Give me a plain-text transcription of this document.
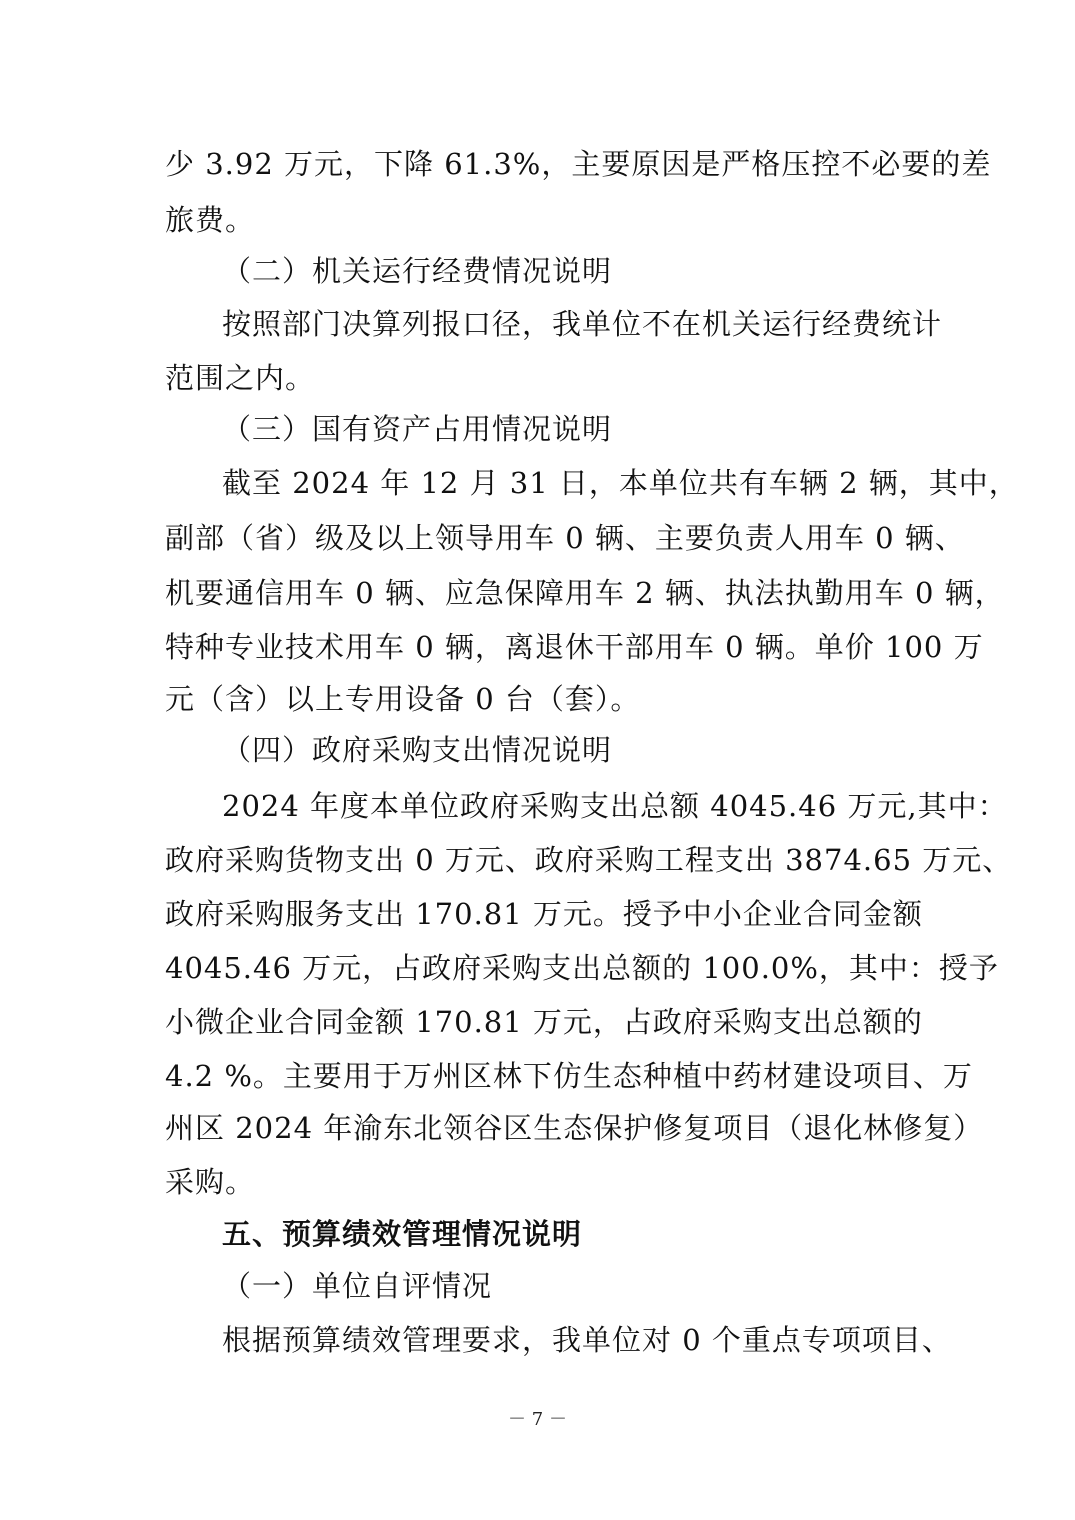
少 3.92 万元，下降 61.3%，主要原因是严格压控不必要的差
旅费。
（二）机关运行经费情况说明
按照部门决算列报口径，我单位不在机关运行经费统计
范围之内。
（三）国有资产占用情况说明
截至 2024 年 12 月 31 日，本单位共有车辆 2 辆，其中，
副部（省）级及以上领导用车 0 辆、主要负责人用车 0 辆、
机要通信用车 0 辆、应急保障用车 2 辆、执法执勤用车 0 辆，
特种专业技术用车 0 辆，离退休干部用车 0 辆。单价 100 万
元（含）以上专用设备 0 台（套）。
（四）政府采购支出情况说明
2024 年度本单位政府采购支出总额 4045.46 万元,其中：
政府采购货物支出 0 万元、政府采购工程支出 3874.65 万元、
政府采购服务支出 170.81 万元。授予中小企业合同金额
4045.46 万元，占政府采购支出总额的 100.0%，其中：授予
小微企业合同金额 170.81 万元，占政府采购支出总额的
4.2 %。主要用于万州区林下仿生态种植中药材建设项目、万
州区 2024 年渝东北领谷区生态保护修复项目（退化林修复）
采购。
五、预算绩效管理情况说明
（一）单位自评情况
根据预算绩效管理要求，我单位对 0 个重点专项项目、
－ 7 －
